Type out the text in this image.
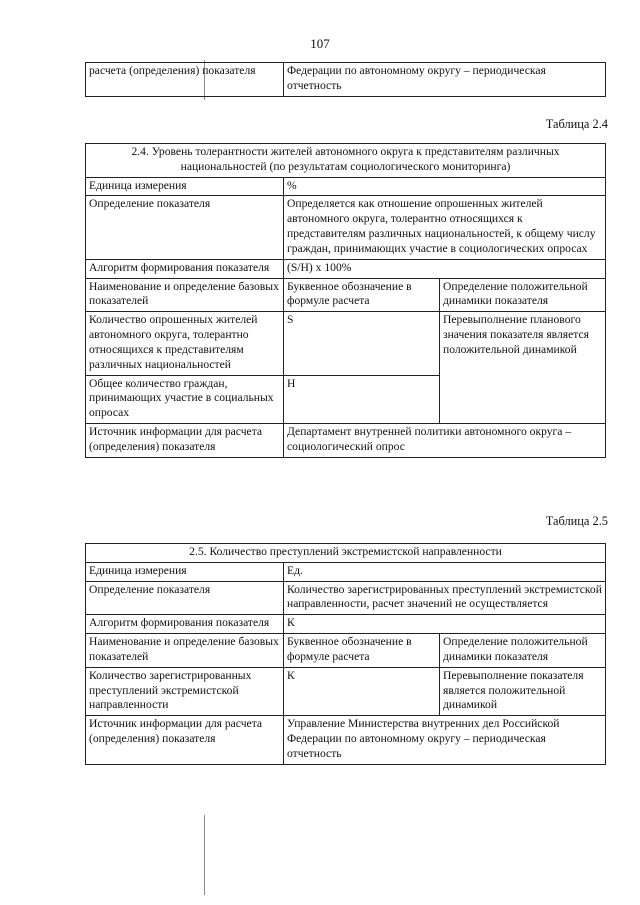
107
расчета (определения) показателя	Федерации по автономному округу – периодическая отчетность
Таблица 2.4
2.4. Уровень толерантности жителей автономного округа к представителям различных национальностей (по результатам социологического мониторинга)		
Единица измерения	%	
Определение показателя	Определяется как отношение опрошенных жителей автономного округа, толерантно относящихся к представителям различных национальностей, к общему числу граждан, принимающих участие в социологических опросах	
Алгоритм формирования показателя	(S/H) x 100%	
Наименование и определение базовых показателей	Буквенное обозначение в формуле расчета	Определение положительной динамики показателя
Количество опрошенных жителей автономного округа, толерантно относящихся к представителям различных национальностей	S	Перевыполнение планового значения показателя является положительной динамикой
Общее количество граждан, принимающих участие в социальных опросах	H	
Источник информации для расчета (определения) показателя	Департамент внутренней политики автономного округа – социологический опрос	
Таблица 2.5
2.5. Количество преступлений экстремистской направленности		
Единица измерения	Ед.	
Определение показателя	Количество зарегистрированных преступлений экстремистской направленности, расчет значений не осуществляется	
Алгоритм формирования показателя	К	
Наименование и определение базовых показателей	Буквенное обозначение в формуле расчета	Определение положительной динамики показателя
Количество зарегистрированных преступлений экстремистской направленности	К	Перевыполнение показателя является положительной динамикой
Источник информации для расчета (определения) показателя	Управление Министерства внутренних дел Российской Федерации по автономному округу – периодическая отчетность	
